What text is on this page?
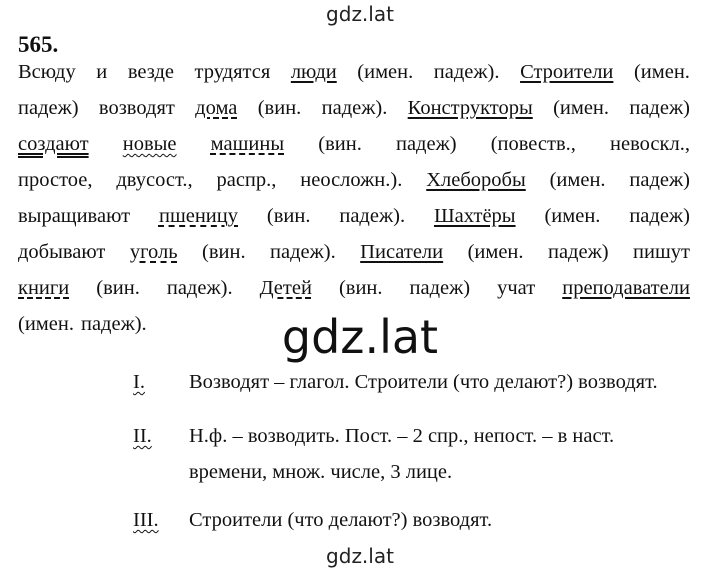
gdz.lat
565.
Всюду и везде трудятся люди (имен. падеж). Строители (имен.
падеж) возводят дома (вин. падеж). Конструкторы (имен. падеж)
создают новые машины (вин. падеж) (повеств., невоскл.,
простое, двусост., распр., неосложн.). Хлеборобы (имен. падеж)
выращивают пшеницу (вин. падеж). Шахтёры (имен. падеж)
добывают уголь (вин. падеж). Писатели (имен. падеж) пишут
книги (вин. падеж). Детей (вин. падеж) учат преподаватели
(имен. падеж).	gdz.lat
I. Возводят – глагол. Строители (что делают?) возводят.
II. Н.ф. – возводить. Пост. – 2 спр., непост. – в наст.
времени, множ. числе, 3 лице.
III. Строители (что делают?) возводят.
gdz.lat
